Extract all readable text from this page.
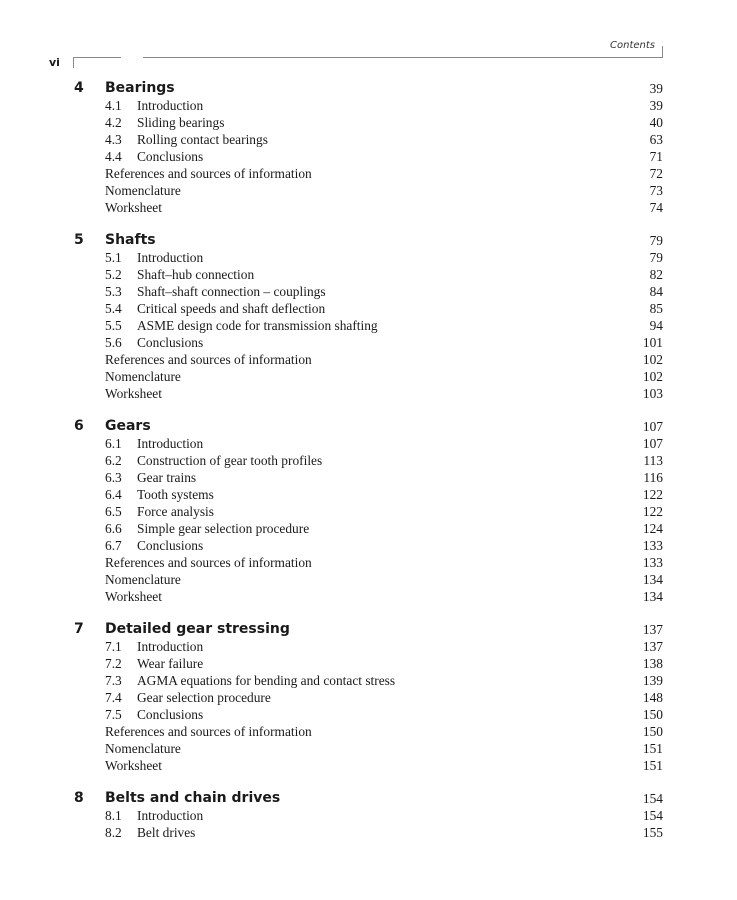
vi
Contents
4 Bearings	39
4.1 Introduction	39
4.2 Sliding bearings	40
4.3 Rolling contact bearings	63
4.4 Conclusions	71
References and sources of information	72
Nomenclature	73
Worksheet	74
5 Shafts	79
5.1 Introduction	79
5.2 Shaft–hub connection	82
5.3 Shaft–shaft connection – couplings	84
5.4 Critical speeds and shaft deflection	85
5.5 ASME design code for transmission shafting	94
5.6 Conclusions	101
References and sources of information	102
Nomenclature	102
Worksheet	103
6 Gears	107
6.1 Introduction	107
6.2 Construction of gear tooth profiles	113
6.3 Gear trains	116
6.4 Tooth systems	122
6.5 Force analysis	122
6.6 Simple gear selection procedure	124
6.7 Conclusions	133
References and sources of information	133
Nomenclature	134
Worksheet	134
7 Detailed gear stressing	137
7.1 Introduction	137
7.2 Wear failure	138
7.3 AGMA equations for bending and contact stress	139
7.4 Gear selection procedure	148
7.5 Conclusions	150
References and sources of information	150
Nomenclature	151
Worksheet	151
8 Belts and chain drives	154
8.1 Introduction	154
8.2 Belt drives	155
